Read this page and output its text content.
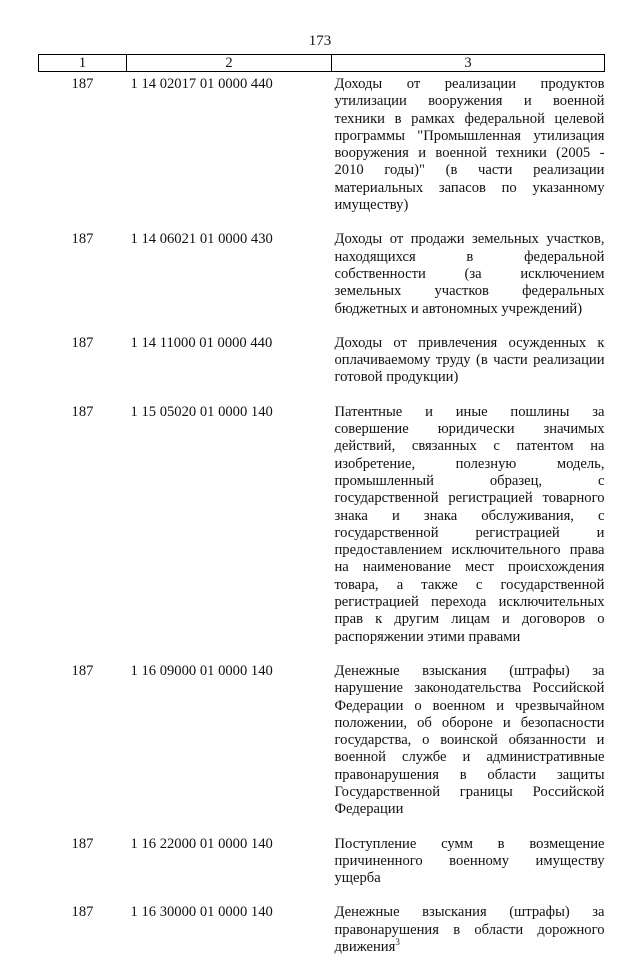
173
1	2	3
187	1 14 02017 01 0000 440	Доходы от реализации продуктов утилизации вооружения и военной техники в рамках федеральной целевой программы "Промышленная утилизация вооружения и военной техники (2005 - 2010 годы)" (в части реализации материальных запасов по указанному имуществу)
187	1 14 06021 01 0000 430	Доходы от продажи земельных участков, находящихся в федеральной собственности (за исключением земельных участков федеральных бюджетных и автономных учреждений)
187	1 14 11000 01 0000 440	Доходы от привлечения осужденных к оплачиваемому труду (в части реализации готовой продукции)
187	1 15 05020 01 0000 140	Патентные и иные пошлины за совершение юридически значимых действий, связанных с патентом на изобретение, полезную модель, промышленный образец, с государственной регистрацией товарного знака и знака обслуживания, с государственной регистрацией и предоставлением исключительного права на наименование мест происхождения товара, а также с государственной регистрацией перехода исключительных прав к другим лицам и договоров о распоряжении этими правами
187	1 16 09000 01 0000 140	Денежные взыскания (штрафы) за нарушение законодательства Российской Федерации о военном и чрезвычайном положении, об обороне и безопасности государства, о воинской обязанности и военной службе и административные правонарушения в области защиты Государственной границы Российской Федерации
187	1 16 22000 01 0000 140	Поступление сумм в возмещение причиненного военному имуществу ущерба
187	1 16 30000 01 0000 140	Денежные взыскания (штрафы) за правонарушения в области дорожного движения$^3$
